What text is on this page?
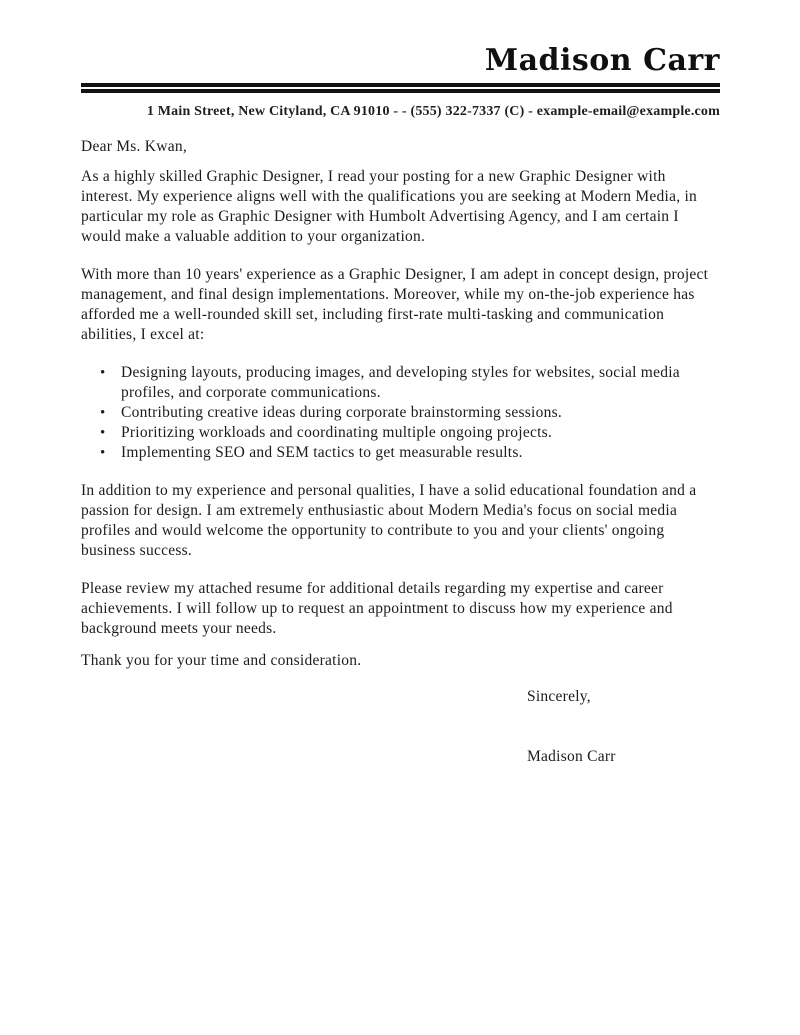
Madison Carr
1 Main Street, New Cityland, CA 91010 - - (555) 322-7337 (C) - example-email@example.com

Dear Ms. Kwan,

As a highly skilled Graphic Designer, I read your posting for a new Graphic Designer with interest. My experience aligns well with the qualifications you are seeking at Modern Media, in particular my role as Graphic Designer with Humbolt Advertising Agency, and I am certain I would make a valuable addition to your organization.

With more than 10 years' experience as a Graphic Designer, I am adept in concept design, project management, and final design implementations. Moreover, while my on-the-job experience has afforded me a well-rounded skill set, including first-rate multi-tasking and communication abilities, I excel at:

• Designing layouts, producing images, and developing styles for websites, social media profiles, and corporate communications.
• Contributing creative ideas during corporate brainstorming sessions.
• Prioritizing workloads and coordinating multiple ongoing projects.
• Implementing SEO and SEM tactics to get measurable results.

In addition to my experience and personal qualities, I have a solid educational foundation and a passion for design. I am extremely enthusiastic about Modern Media's focus on social media profiles and would welcome the opportunity to contribute to you and your clients' ongoing business success.

Please review my attached resume for additional details regarding my expertise and career achievements. I will follow up to request an appointment to discuss how my experience and background meets your needs.

Thank you for your time and consideration.

Sincerely,

Madison Carr
